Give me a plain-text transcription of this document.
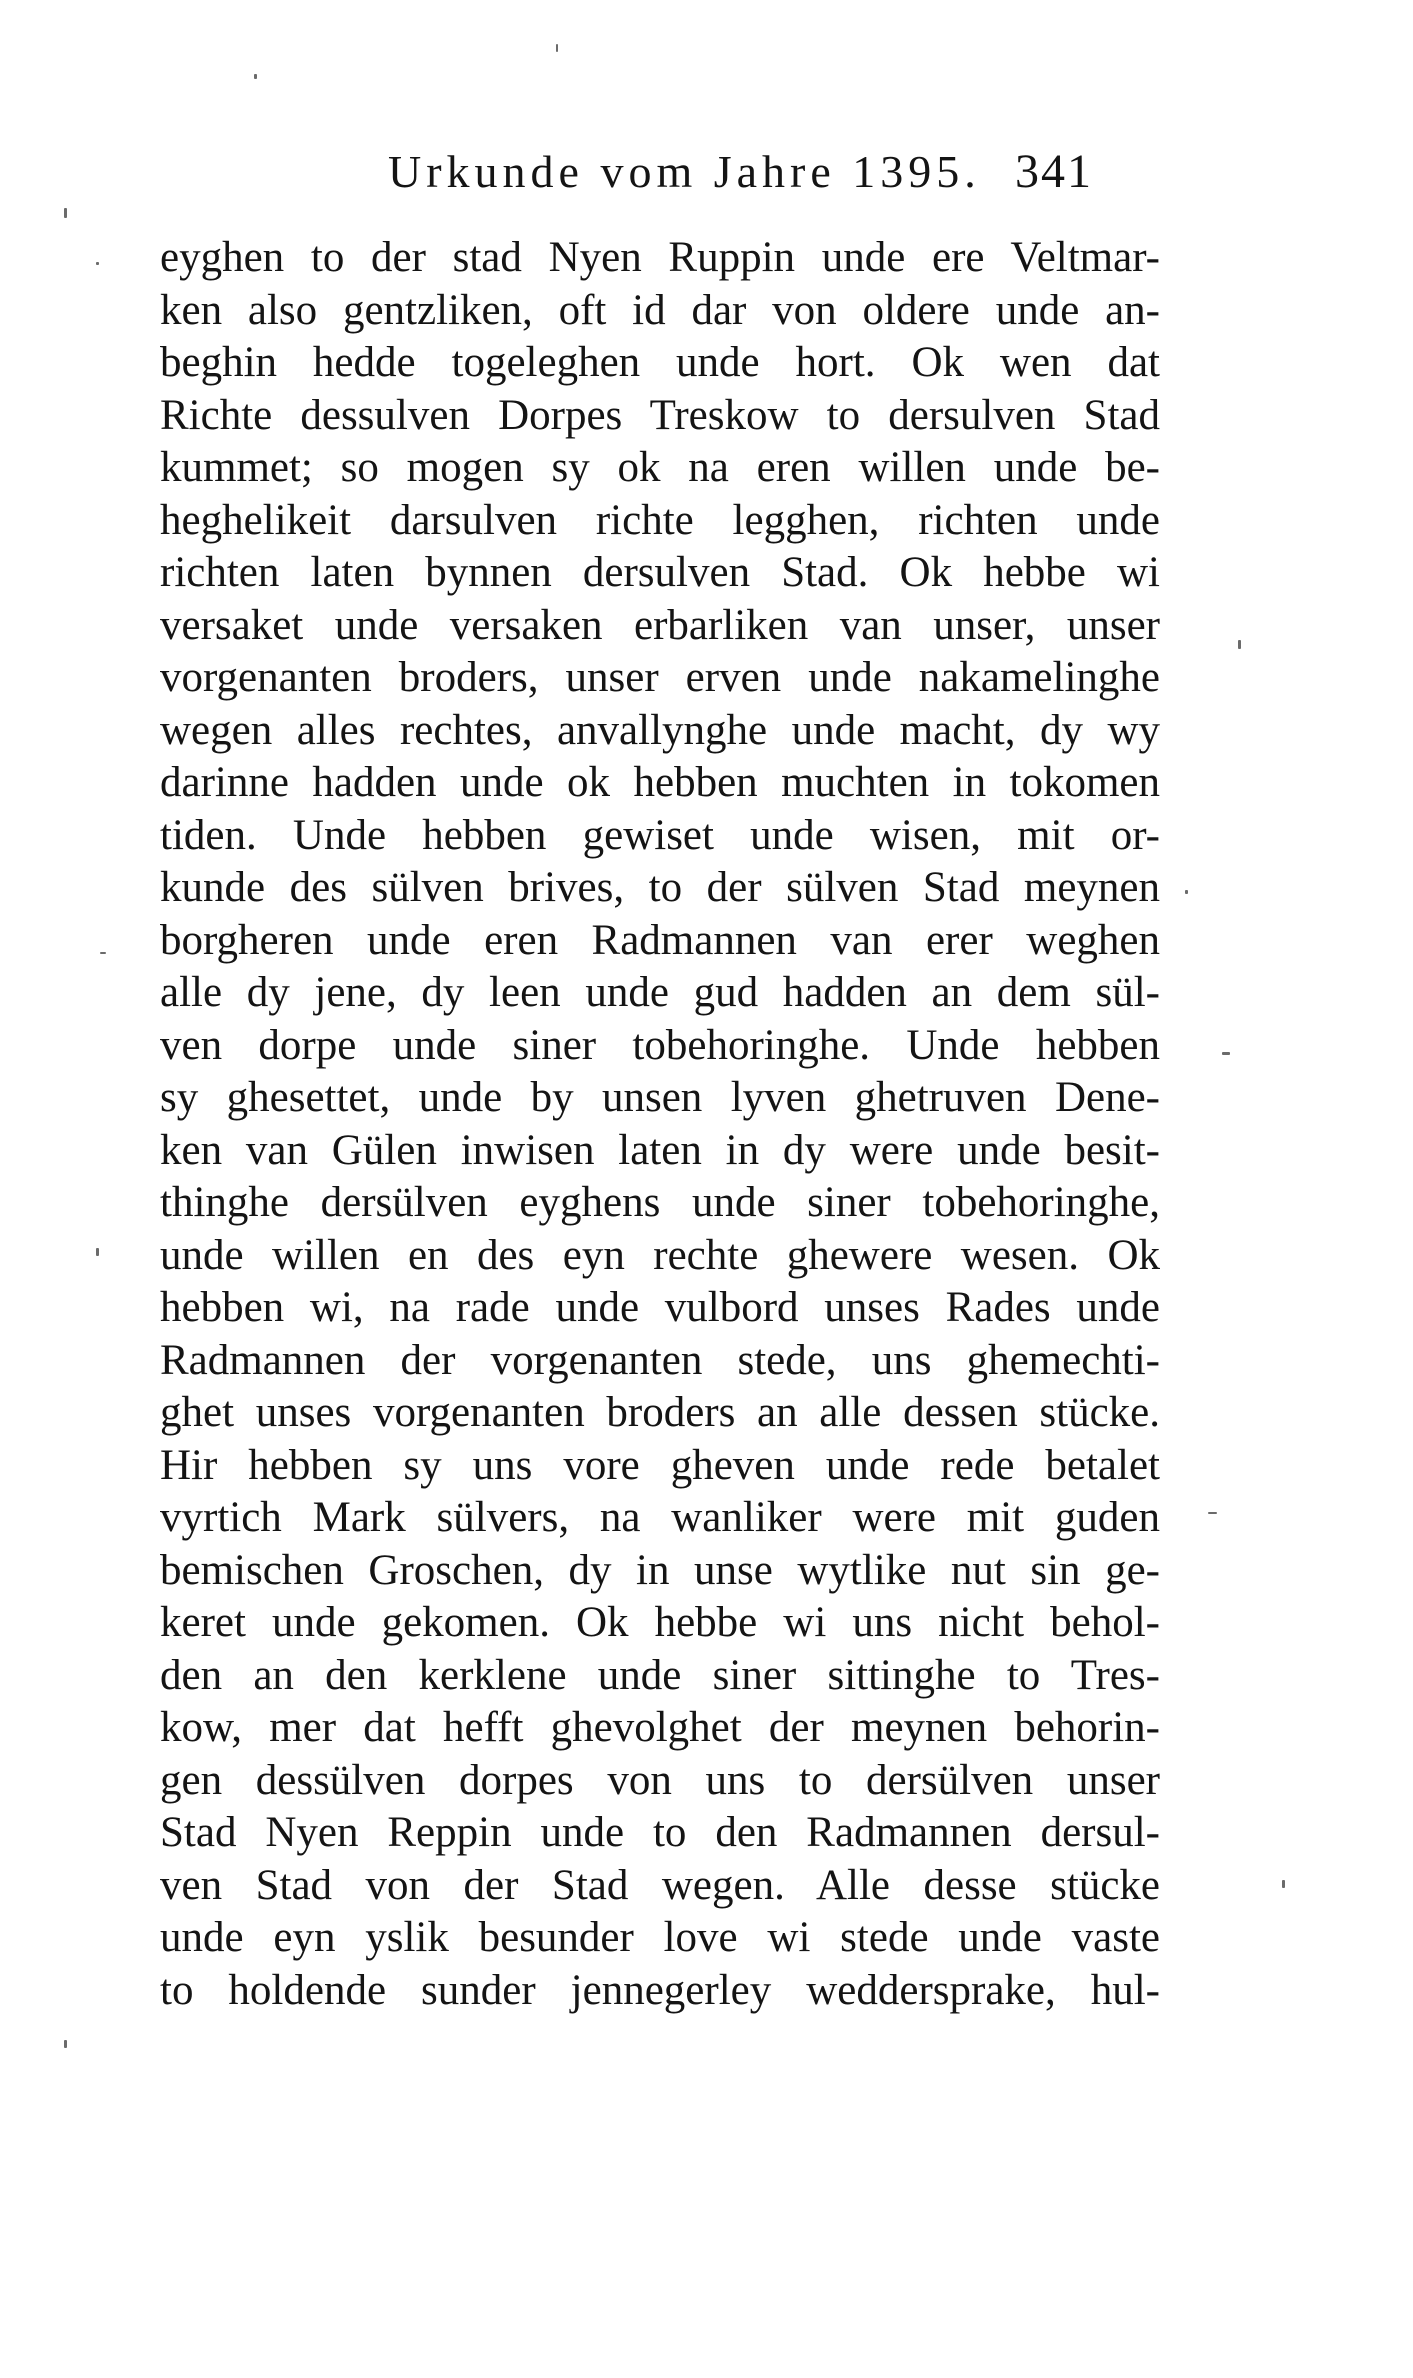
Urkunde vom Jahre 1395. 341
eyghen to der stad Nyen Ruppin unde ere Veltmar-
ken also gentzliken, oft id dar von oldere unde an-
beghin hedde togeleghen unde hort. Ok wen dat
Richte dessulven Dorpes Treskow to dersulven Stad
kummet; so mogen sy ok na eren willen unde be-
heghelikeit darsulven richte legghen, richten unde
richten laten bynnen dersulven Stad. Ok hebbe wi
versaket unde versaken erbarliken van unser, unser
vorgenanten broders, unser erven unde nakamelinghe
wegen alles rechtes, anvallynghe unde macht, dy wy
darinne hadden unde ok hebben muchten in tokomen
tiden. Unde hebben gewiset unde wisen, mit or-
kunde des sülven brives, to der sülven Stad meynen
borgheren unde eren Radmannen van erer weghen
alle dy jene, dy leen unde gud hadden an dem sül-
ven dorpe unde siner tobehoringhe. Unde hebben
sy ghesettet, unde by unsen lyven ghetruven Dene-
ken van Gülen inwisen laten in dy were unde besit-
thinghe dersülven eyghens unde siner tobehoringhe,
unde willen en des eyn rechte ghewere wesen. Ok
hebben wi, na rade unde vulbord unses Rades unde
Radmannen der vorgenanten stede, uns ghemechti-
ghet unses vorgenanten broders an alle dessen stücke.
Hir hebben sy uns vore gheven unde rede betalet
vyrtich Mark sülvers, na wanliker were mit guden
bemischen Groschen, dy in unse wytlike nut sin ge-
keret unde gekomen. Ok hebbe wi uns nicht behol-
den an den kerklene unde siner sittinghe to Tres-
kow, mer dat hefft ghevolghet der meynen behorin-
gen dessülven dorpes von uns to dersülven unser
Stad Nyen Reppin unde to den Radmannen dersul-
ven Stad von der Stad wegen. Alle desse stücke
unde eyn yslik besunder love wi stede unde vaste
to holdende sunder jennegerley weddersprake, hul-
